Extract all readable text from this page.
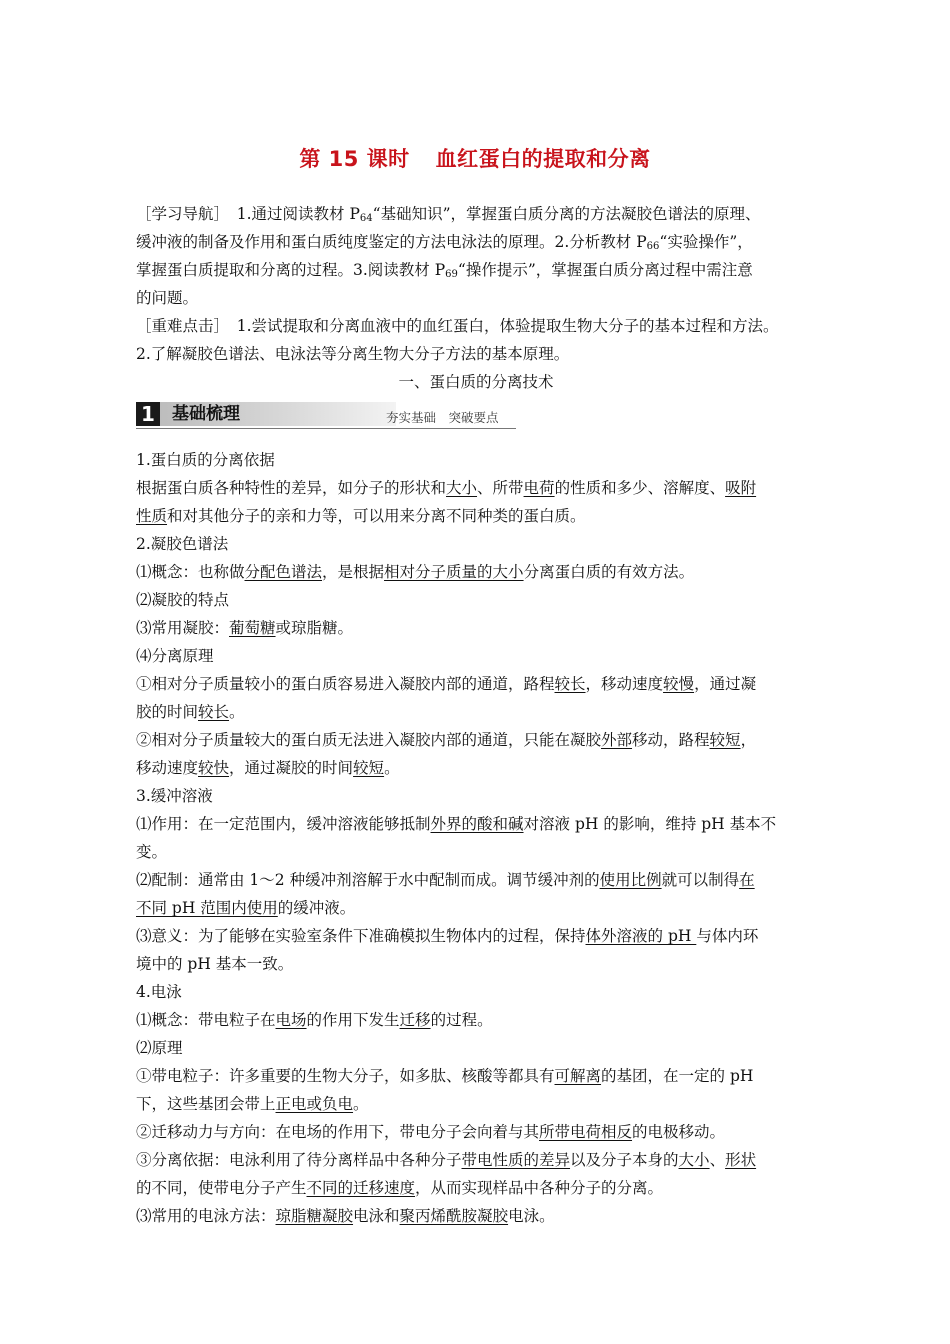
第 15 课时 血红蛋白的提取和分离
［学习导航］　1.通过阅读教材 $P_{64}“$基础知识”，掌握蛋白质分离的方法凝胶色谱法的原理、
缓冲液的制备及作用和蛋白质纯度鉴定的方法电泳法的原理。2.分析教材 $P_{66}“$实验操作”，
掌握蛋白质提取和分离的过程。3.阅读教材 $P_{69}“$操作提示”，掌握蛋白质分离过程中需注意
的问题。
［重难点击］　1.尝试提取和分离血液中的血红蛋白，体验提取生物大分子的基本过程和方法。
2.了解凝胶色谱法、电泳法等分离生物大分子方法的基本原理。
一、蛋白质的分离技术
1 基础梳理	夯实基础　突破要点
1.蛋白质的分离依据
根据蛋白质各种特性的差异，如分子的形状和大小、所带电荷的性质和多少、溶解度、吸附
性质和对其他分子的亲和力等，可以用来分离不同种类的蛋白质。
2.凝胶色谱法
⑴概念：也称做分配色谱法，是根据相对分子质量的大小分离蛋白质的有效方法。
⑵凝胶的特点
⑶常用凝胶：葡萄糖或琼脂糖。
⑷分离原理
①相对分子质量较小的蛋白质容易进入凝胶内部的通道，路程较长，移动速度较慢，通过凝
胶的时间较长。
②相对分子质量较大的蛋白质无法进入凝胶内部的通道，只能在凝胶外部移动，路程较短，
移动速度较快，通过凝胶的时间较短。
3.缓冲溶液
⑴作用：在一定范围内，缓冲溶液能够抵制外界的酸和碱对溶液 pH 的影响，维持 pH 基本不
变。
⑵配制：通常由 1～2 种缓冲剂溶解于水中配制而成。调节缓冲剂的使用比例就可以制得在
不同 pH 范围内使用的缓冲液。
⑶意义：为了能够在实验室条件下准确模拟生物体内的过程，保持体外溶液的 pH 与体内环
境中的 pH 基本一致。
4.电泳
⑴概念：带电粒子在电场的作用下发生迁移的过程。
⑵原理
①带电粒子：许多重要的生物大分子，如多肽、核酸等都具有可解离的基团，在一定的 pH
下，这些基团会带上正电或负电。
②迁移动力与方向：在电场的作用下，带电分子会向着与其所带电荷相反的电极移动。
③分离依据：电泳利用了待分离样品中各种分子带电性质的差异以及分子本身的大小、形状
的不同，使带电分子产生不同的迁移速度，从而实现样品中各种分子的分离。
⑶常用的电泳方法：琼脂糖凝胶电泳和聚丙烯酰胺凝胶电泳。
